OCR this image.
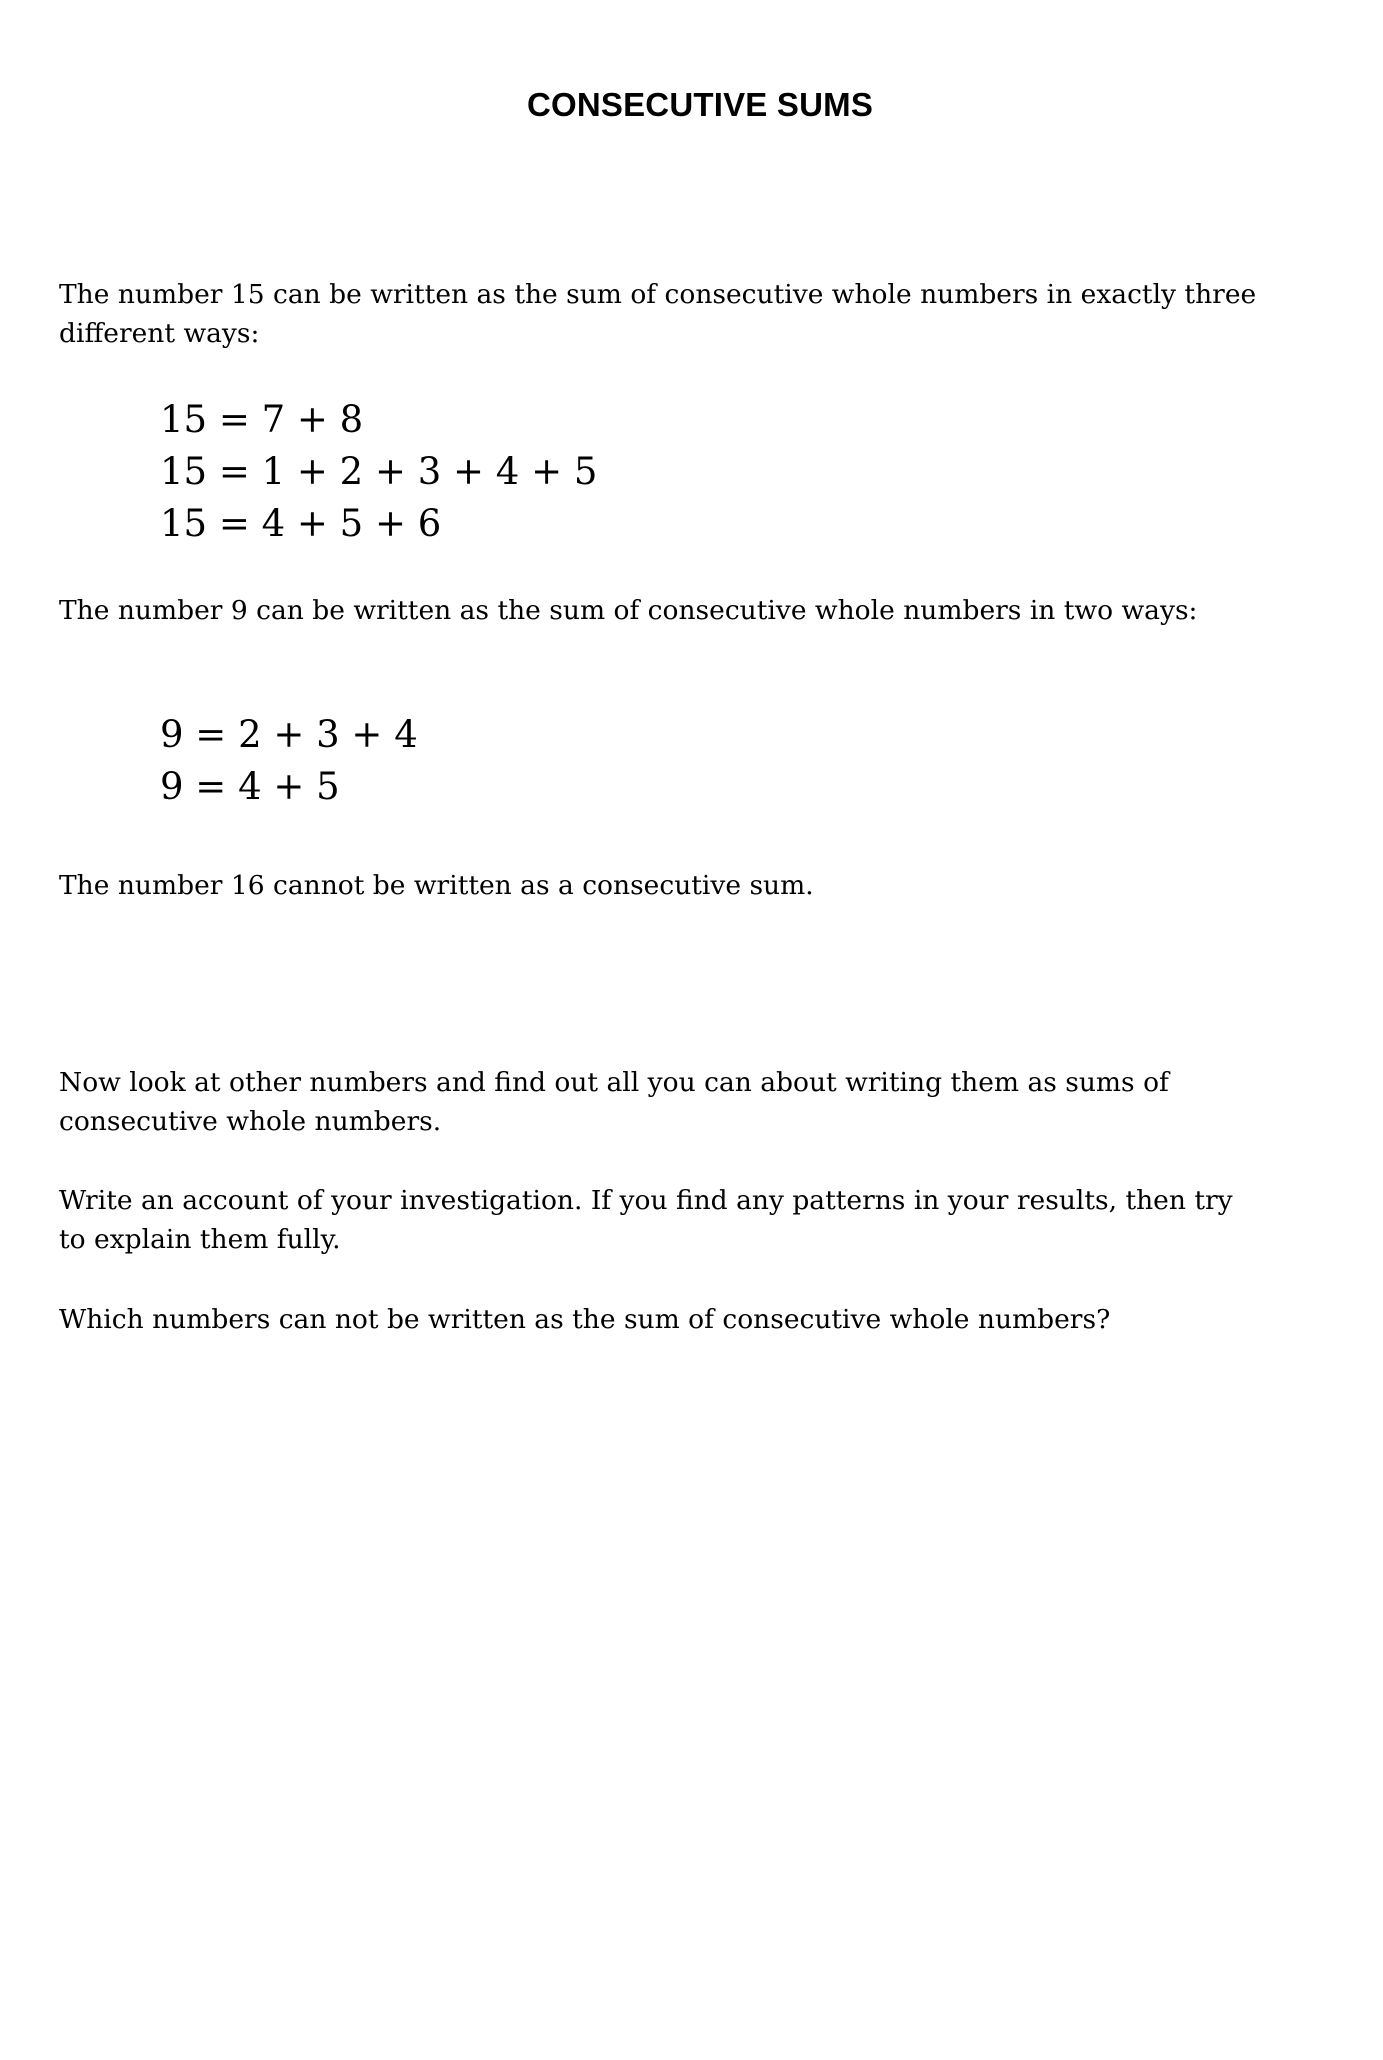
CONSECUTIVE SUMS

The number 15 can be written as the sum of consecutive whole numbers in exactly three different ways:

15 = 7 + 8
15 = 1 + 2 + 3 + 4 + 5
15 = 4 + 5 + 6

The number 9 can be written as the sum of consecutive whole numbers in two ways:

9 = 2 + 3 + 4
9 = 4 + 5

The number 16 cannot be written as a consecutive sum.

Now look at other numbers and find out all you can about writing them as sums of consecutive whole numbers.

Write an account of your investigation. If you find any patterns in your results, then try to explain them fully.

Which numbers can not be written as the sum of consecutive whole numbers?
